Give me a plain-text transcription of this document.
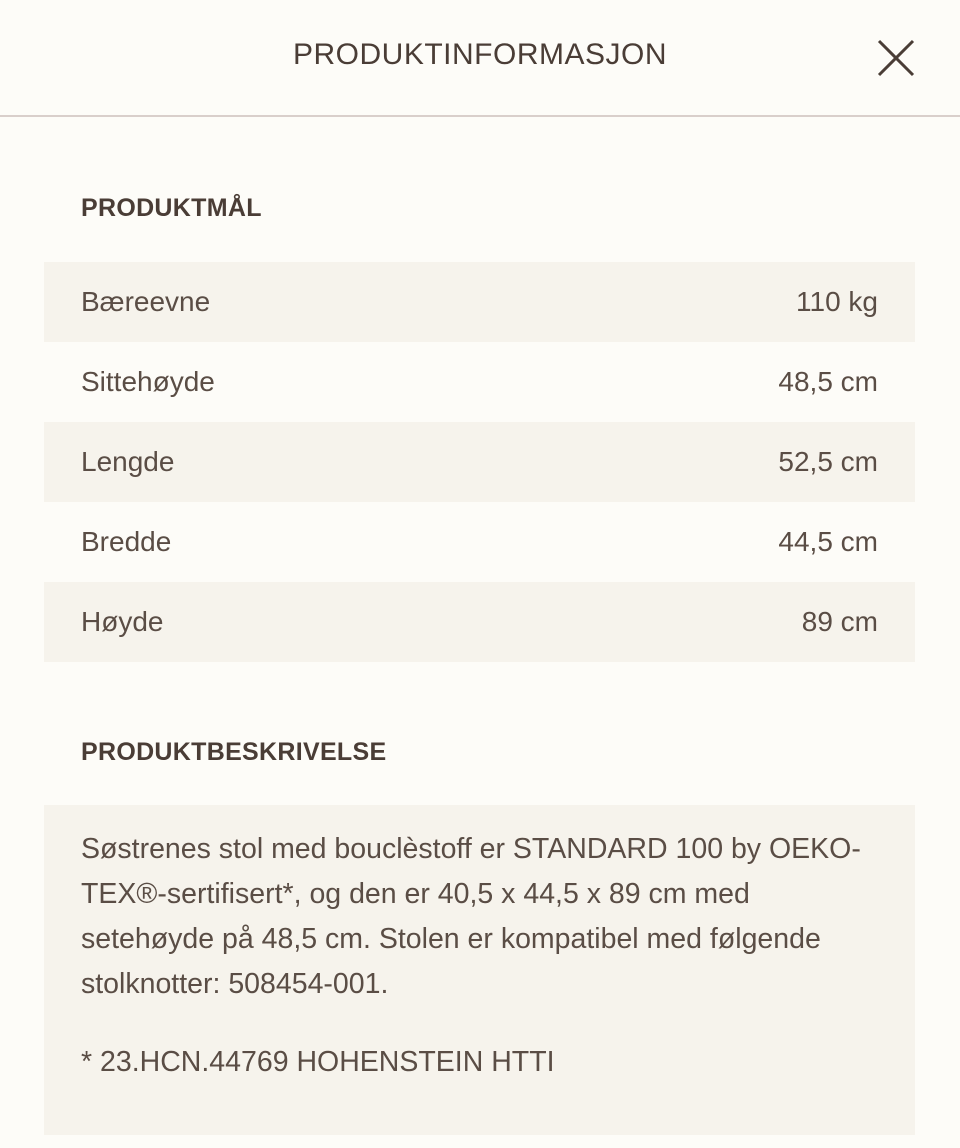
PRODUKTINFORMASJON
PRODUKTMÅL
Bæreevne	110 kg
Sittehøyde	48,5 cm
Lengde	52,5 cm
Bredde	44,5 cm
Høyde	89 cm
PRODUKTBESKRIVELSE

Søstrenes stol med bouclèstoff er STANDARD 100 by OEKO-TEX®-sertifisert*, og den er 40,5 x 44,5 x 89 cm med setehøyde på 48,5 cm. Stolen er kompatibel med følgende stolknotter: 508454-001.

* 23.HCN.44769 HOHENSTEIN HTTI
